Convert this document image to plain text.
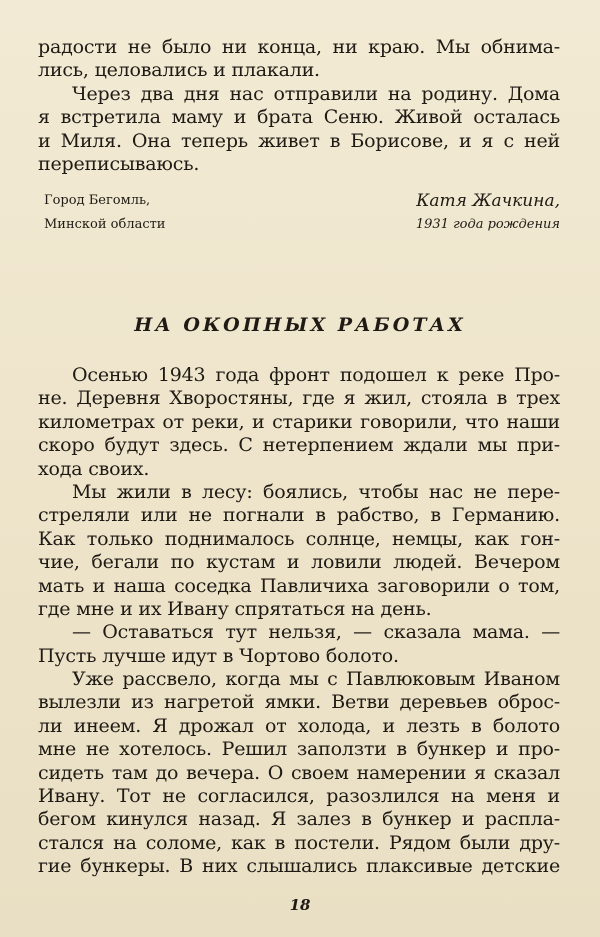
радости не было ни конца, ни краю. Мы обнима-
лись, целовались и плакали.
Через два дня нас отправили на родину. Дома
я встретила маму и брата Сеню. Живой осталась
и Миля. Она теперь живет в Борисове, и я с ней
переписываюсь.
Город Бегомль,
Минской области
Катя Жачкина,
1931 года рождения
НА ОКОПНЫХ РАБОТАХ
Осенью 1943 года фронт подошел к реке Про-
не. Деревня Хворостяны, где я жил, стояла в трех
километрах от реки, и старики говорили, что наши
скоро будут здесь. С нетерпением ждали мы при-
хода своих.
Мы жили в лесу: боялись, чтобы нас не пере-
стреляли или не погнали в рабство, в Германию.
Как только поднималось солнце, немцы, как гон-
чие, бегали по кустам и ловили людей. Вечером
мать и наша соседка Павличиха заговорили о том,
где мне и их Ивану спрятаться на день.
— Оставаться тут нельзя, — сказала мама. —
Пусть лучше идут в Чортово болото.
Уже рассвело, когда мы с Павлюковым Иваном
вылезли из нагретой ямки. Ветви деревьев оброс-
ли инеем. Я дрожал от холода, и лезть в болото
мне не хотелось. Решил заползти в бункер и про-
сидеть там до вечера. О своем намерении я сказал
Ивану. Тот не согласился, разозлился на меня и
бегом кинулся назад. Я залез в бункер и распла-
стался на соломе, как в постели. Рядом были дру-
гие бункеры. В них слышались плаксивые детские
18
